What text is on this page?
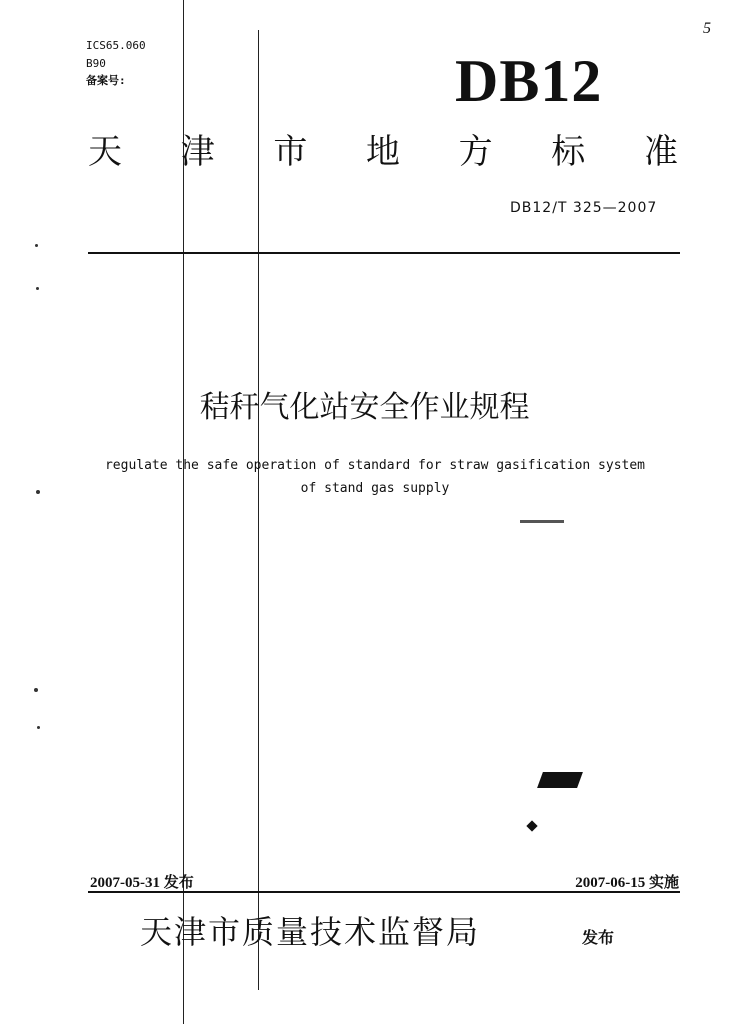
5
ICS65.060
B90
备案号:	DB12
天 津 市 地 方 标 准
DB12/T 325—2007
秸秆气化站安全作业规程
regulate the safe operation of standard for straw gasification system
of stand gas supply
2007-05-31 发布	2007-06-15 实施
天津市质量技术监督局	发布
